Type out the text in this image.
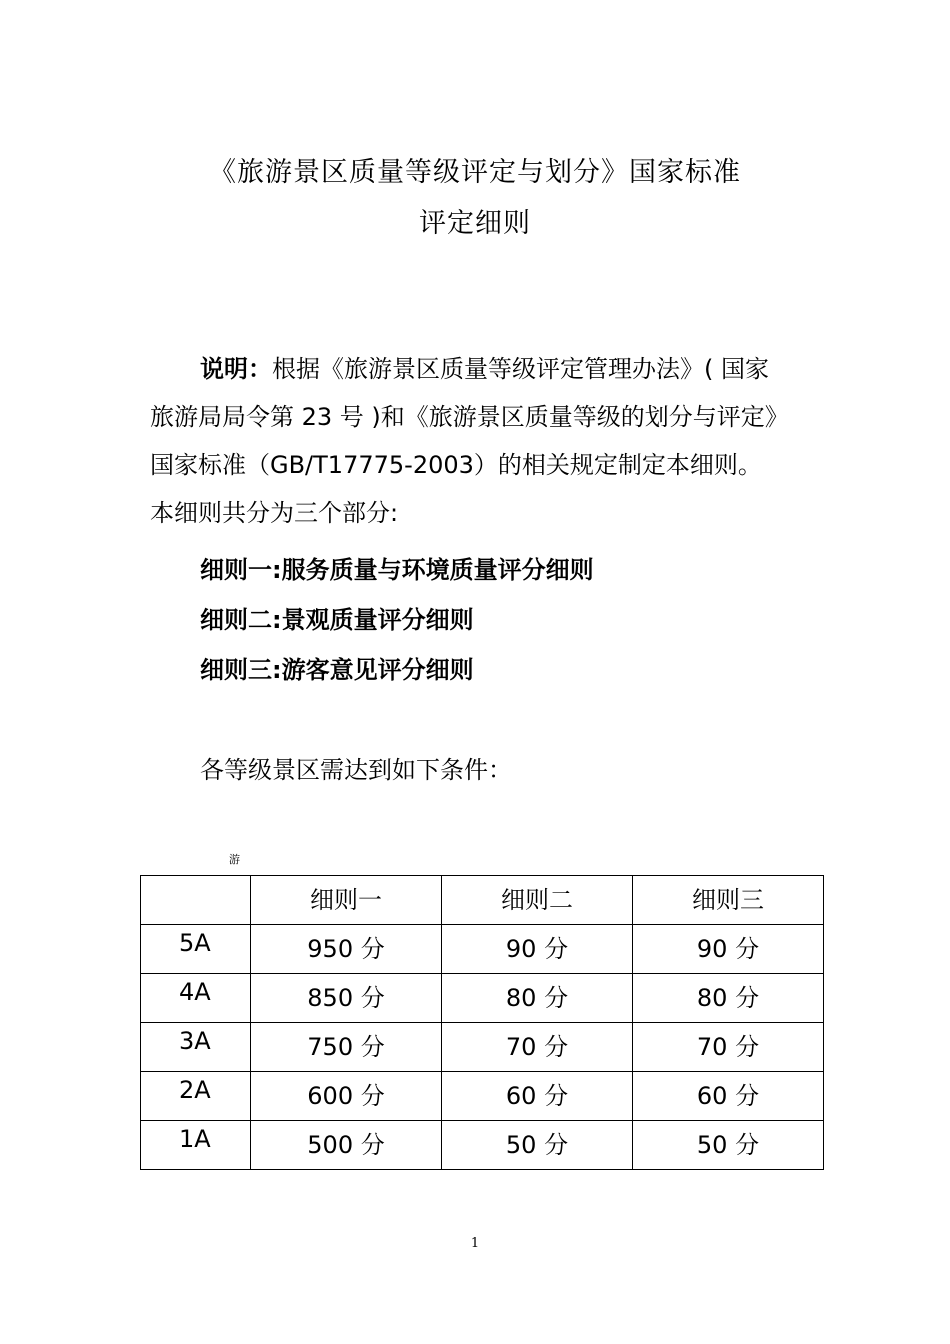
《旅游景区质量等级评定与划分》国家标准
评定细则
说明：根据《旅游景区质量等级评定管理办法》( 国家
旅游局局令第 23 号 )和《旅游景区质量等级的划分与评定》
国家标准（GB/T17775-2003）的相关规定制定本细则。
本细则共分为三个部分:
细则一:服务质量与环境质量评分细则
细则二:景观质量评分细则
细则三:游客意见评分细则
各等级景区需达到如下条件：
游
	细则一	细则二	细则三
5A	950 分	90 分	90 分
4A	850 分	80 分	80 分
3A	750 分	70 分	70 分
2A	600 分	60 分	60 分
1A	500 分	50 分	50 分
1
